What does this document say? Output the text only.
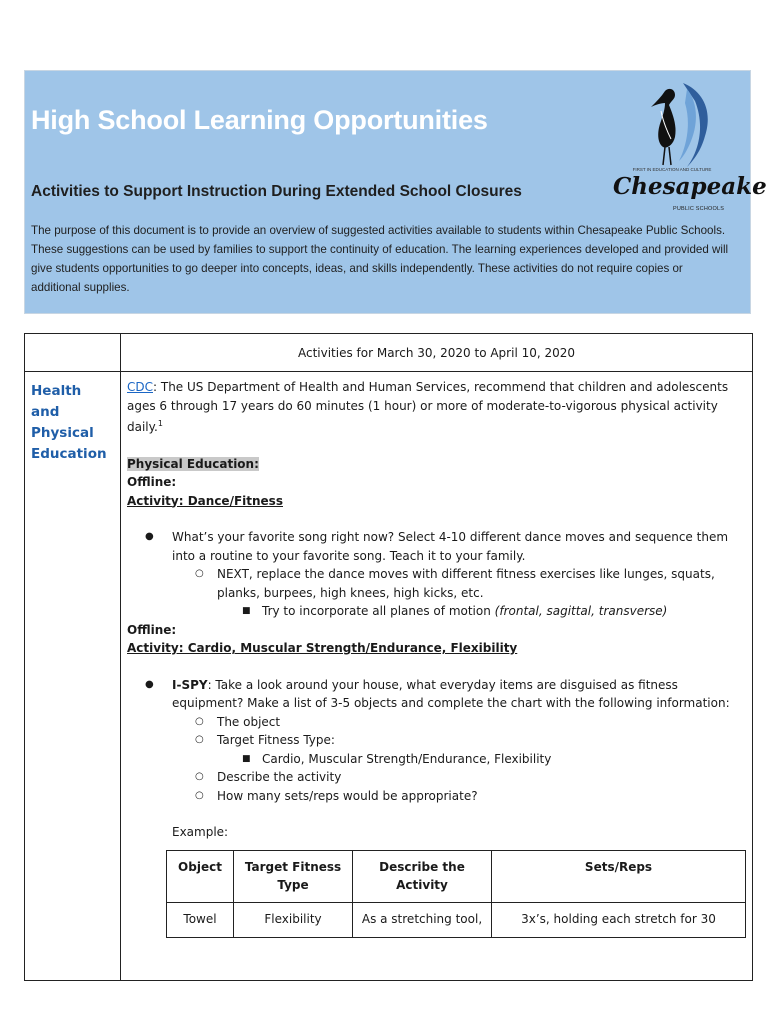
High School Learning Opportunities
Activities to Support Instruction During Extended School Closures
The purpose of this document is to provide an overview of suggested activities available to students within Chesapeake Public Schools. These suggestions can be used by families to support the continuity of education. The learning experiences developed and provided will give students opportunities to go deeper into concepts, ideas, and skills independently. These activities do not require copies or additional supplies.
FIRST IN EDUCATION AND CULTURE
Chesapeake
PUBLIC SCHOOLS
	Activities for March 30, 2020 to April 10, 2020
Health and Physical Education	

CDC: The US Department of Health and Human Services, recommend that children and adolescents ages 6 through 17 years do 60 minutes (1 hour) or more of moderate-to-vigorous physical activity daily.$^1$

Physical Education:

Offline:

Activity: Dance/Fitness

● What’s your favorite song right now? Select 4-10 different dance moves and sequence them into a routine to your favorite song. Teach it to your family.
○ NEXT, replace the dance moves with different fitness exercises like lunges, squats, planks, burpees, high knees, high kicks, etc.
■ Try to incorporate all planes of motion (frontal, sagittal, transverse)

Offline:

Activity: Cardio, Muscular Strength/Endurance, Flexibility

● I-SPY: Take a look around your house, what everyday items are disguised as fitness equipment? Make a list of 3-5 objects and complete the chart with the following information:
○ The object
○ Target Fitness Type:
■ Cardio, Muscular Strength/Endurance, Flexibility
○ Describe the activity
○ How many sets/reps would be appropriate?

Example:

Object	Target Fitness Type	Describe the Activity	Sets/Reps
Towel	Flexibility	As a stretching tool,	3x’s, holding each stretch for 30
